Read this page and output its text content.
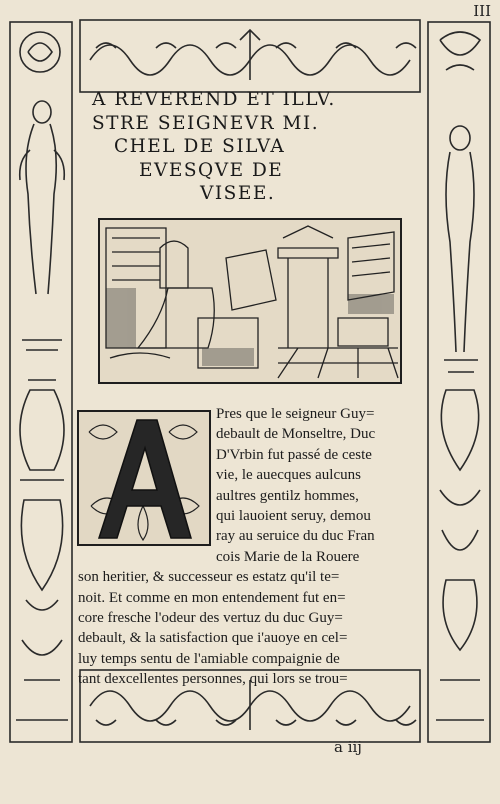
III
A REVEREND ET ILLV.
STRE SEIGNEVR MI.
CHEL DE SILVA
EVESQVE DE
VISEE.
Pres que le seigneur Guy=
debault de Monseltre, Duc
D'Vrbin fut passé de ceste
vie, le auecques aulcuns
aultres gentilz hommes,
qui lauoient seruy, demou
ray au seruice du duc Fran
cois Marie de la Rouere
son heritier, & successeur es estatz qu'il te=
noit. Et comme en mon entendement fut en=
core fresche l'odeur des vertuz du duc Guy=
debault, & la satisfaction que i'auoye en cel=
luy temps sentu de l'amiable compaignie de
tant dexcellentes personnes, qui lors se trou=
a iij
